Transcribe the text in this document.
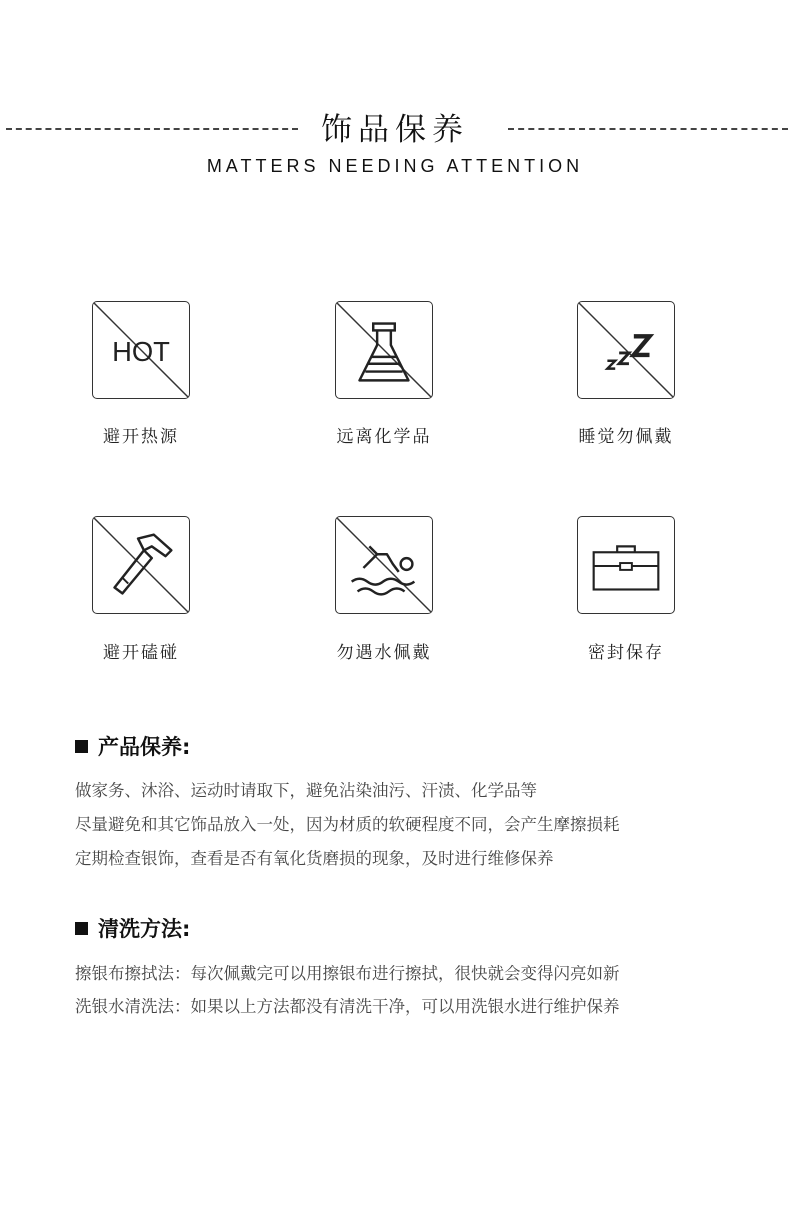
饰品保养
MATTERS NEEDING ATTENTION
HOT
避开热源	远离化学品	睡觉勿佩戴
避开磕碰	勿遇水佩戴	密封保存
产品保养:
做家务、沐浴、运动时请取下，避免沾染油污、汗渍、化学品等
尽量避免和其它饰品放入一处，因为材质的软硬程度不同，会产生摩擦损耗
定期检查银饰，查看是否有氧化货磨损的现象，及时进行维修保养
清洗方法:
擦银布擦拭法：每次佩戴完可以用擦银布进行擦拭，很快就会变得闪亮如新
洗银水清洗法：如果以上方法都没有清洗干净，可以用洗银水进行维护保养
